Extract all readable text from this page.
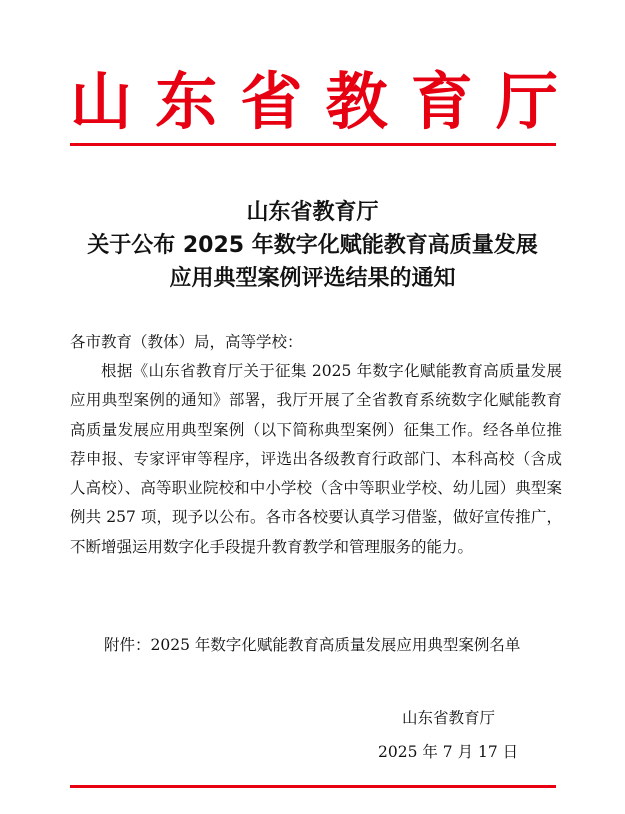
山 东 省 教 育 厅
山东省教育厅
关于公布 2025 年数字化赋能教育高质量发展
应用典型案例评选结果的通知
各市教育（教体）局，高等学校：
根据《山东省教育厅关于征集 2025 年数字化赋能教育高质量发展应用典型案例的通知》部署，我厅开展了全省教育系统数字化赋能教育高质量发展应用典型案例（以下简称典型案例）征集工作。经各单位推荐申报、专家评审等程序，评选出各级教育行政部门、本科高校（含成人高校）、高等职业院校和中小学校（含中等职业学校、幼儿园）典型案例共 257 项，现予以公布。各市各校要认真学习借鉴，做好宣传推广，不断增强运用数字化手段提升教育教学和管理服务的能力。
附件：2025 年数字化赋能教育高质量发展应用典型案例名单
山东省教育厅
2025 年 7 月 17 日
